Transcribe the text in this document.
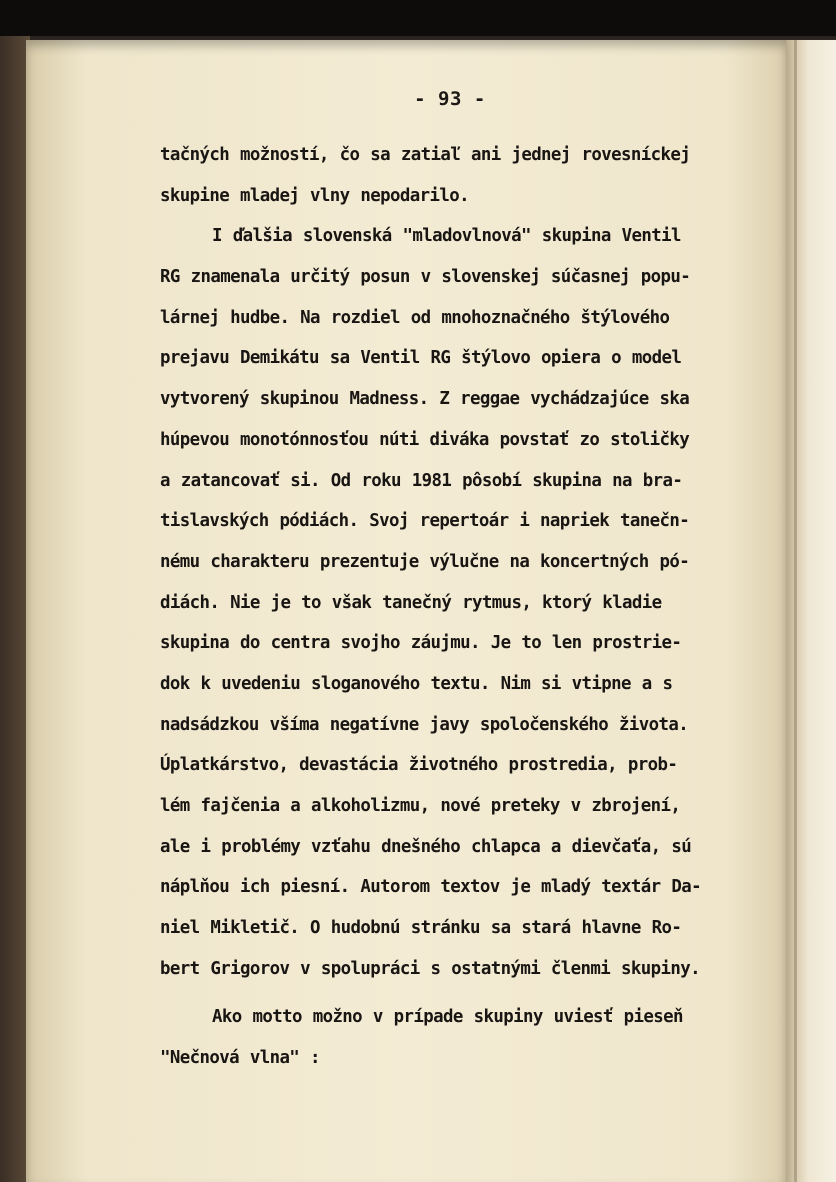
- 93 -
tačných možností, čo sa zatiaľ ani jednej rovesníckej
skupine mladej vlny nepodarilo.
I ďalšia slovenská "mladovlnová" skupina Ventil
RG znamenala určitý posun v slovenskej súčasnej popu-
lárnej hudbe. Na rozdiel od mnohoznačného štýlového
prejavu Demikátu sa Ventil RG štýlovo opiera o model
vytvorený skupinou Madness. Z reggae vychádzajúce ska
húpevou monotónnosťou núti diváka povstať zo stoličky
a zatancovať si. Od roku 1981 pôsobí skupina na bra-
tislavských pódiách. Svoj repertoár i napriek tanečn-
nému charakteru prezentuje výlučne na koncertných pó-
diách. Nie je to však tanečný rytmus, ktorý kladie
skupina do centra svojho záujmu. Je to len prostrie-
dok k uvedeniu sloganového textu. Nim si vtipne a s
nadsádzkou všíma negatívne javy spoločenského života.
Úplatkárstvo, devastácia životného prostredia, prob-
lém fajčenia a alkoholizmu, nové preteky v zbrojení,
ale i problémy vzťahu dnešného chlapca a dievčaťa, sú
náplňou ich piesní. Autorom textov je mladý textár Da-
niel Mikletič. O hudobnú stránku sa stará hlavne Ro-
bert Grigorov v spolupráci s ostatnými členmi skupiny.
Ako motto možno v prípade skupiny uviesť pieseň
"Nečnová vlna" :
